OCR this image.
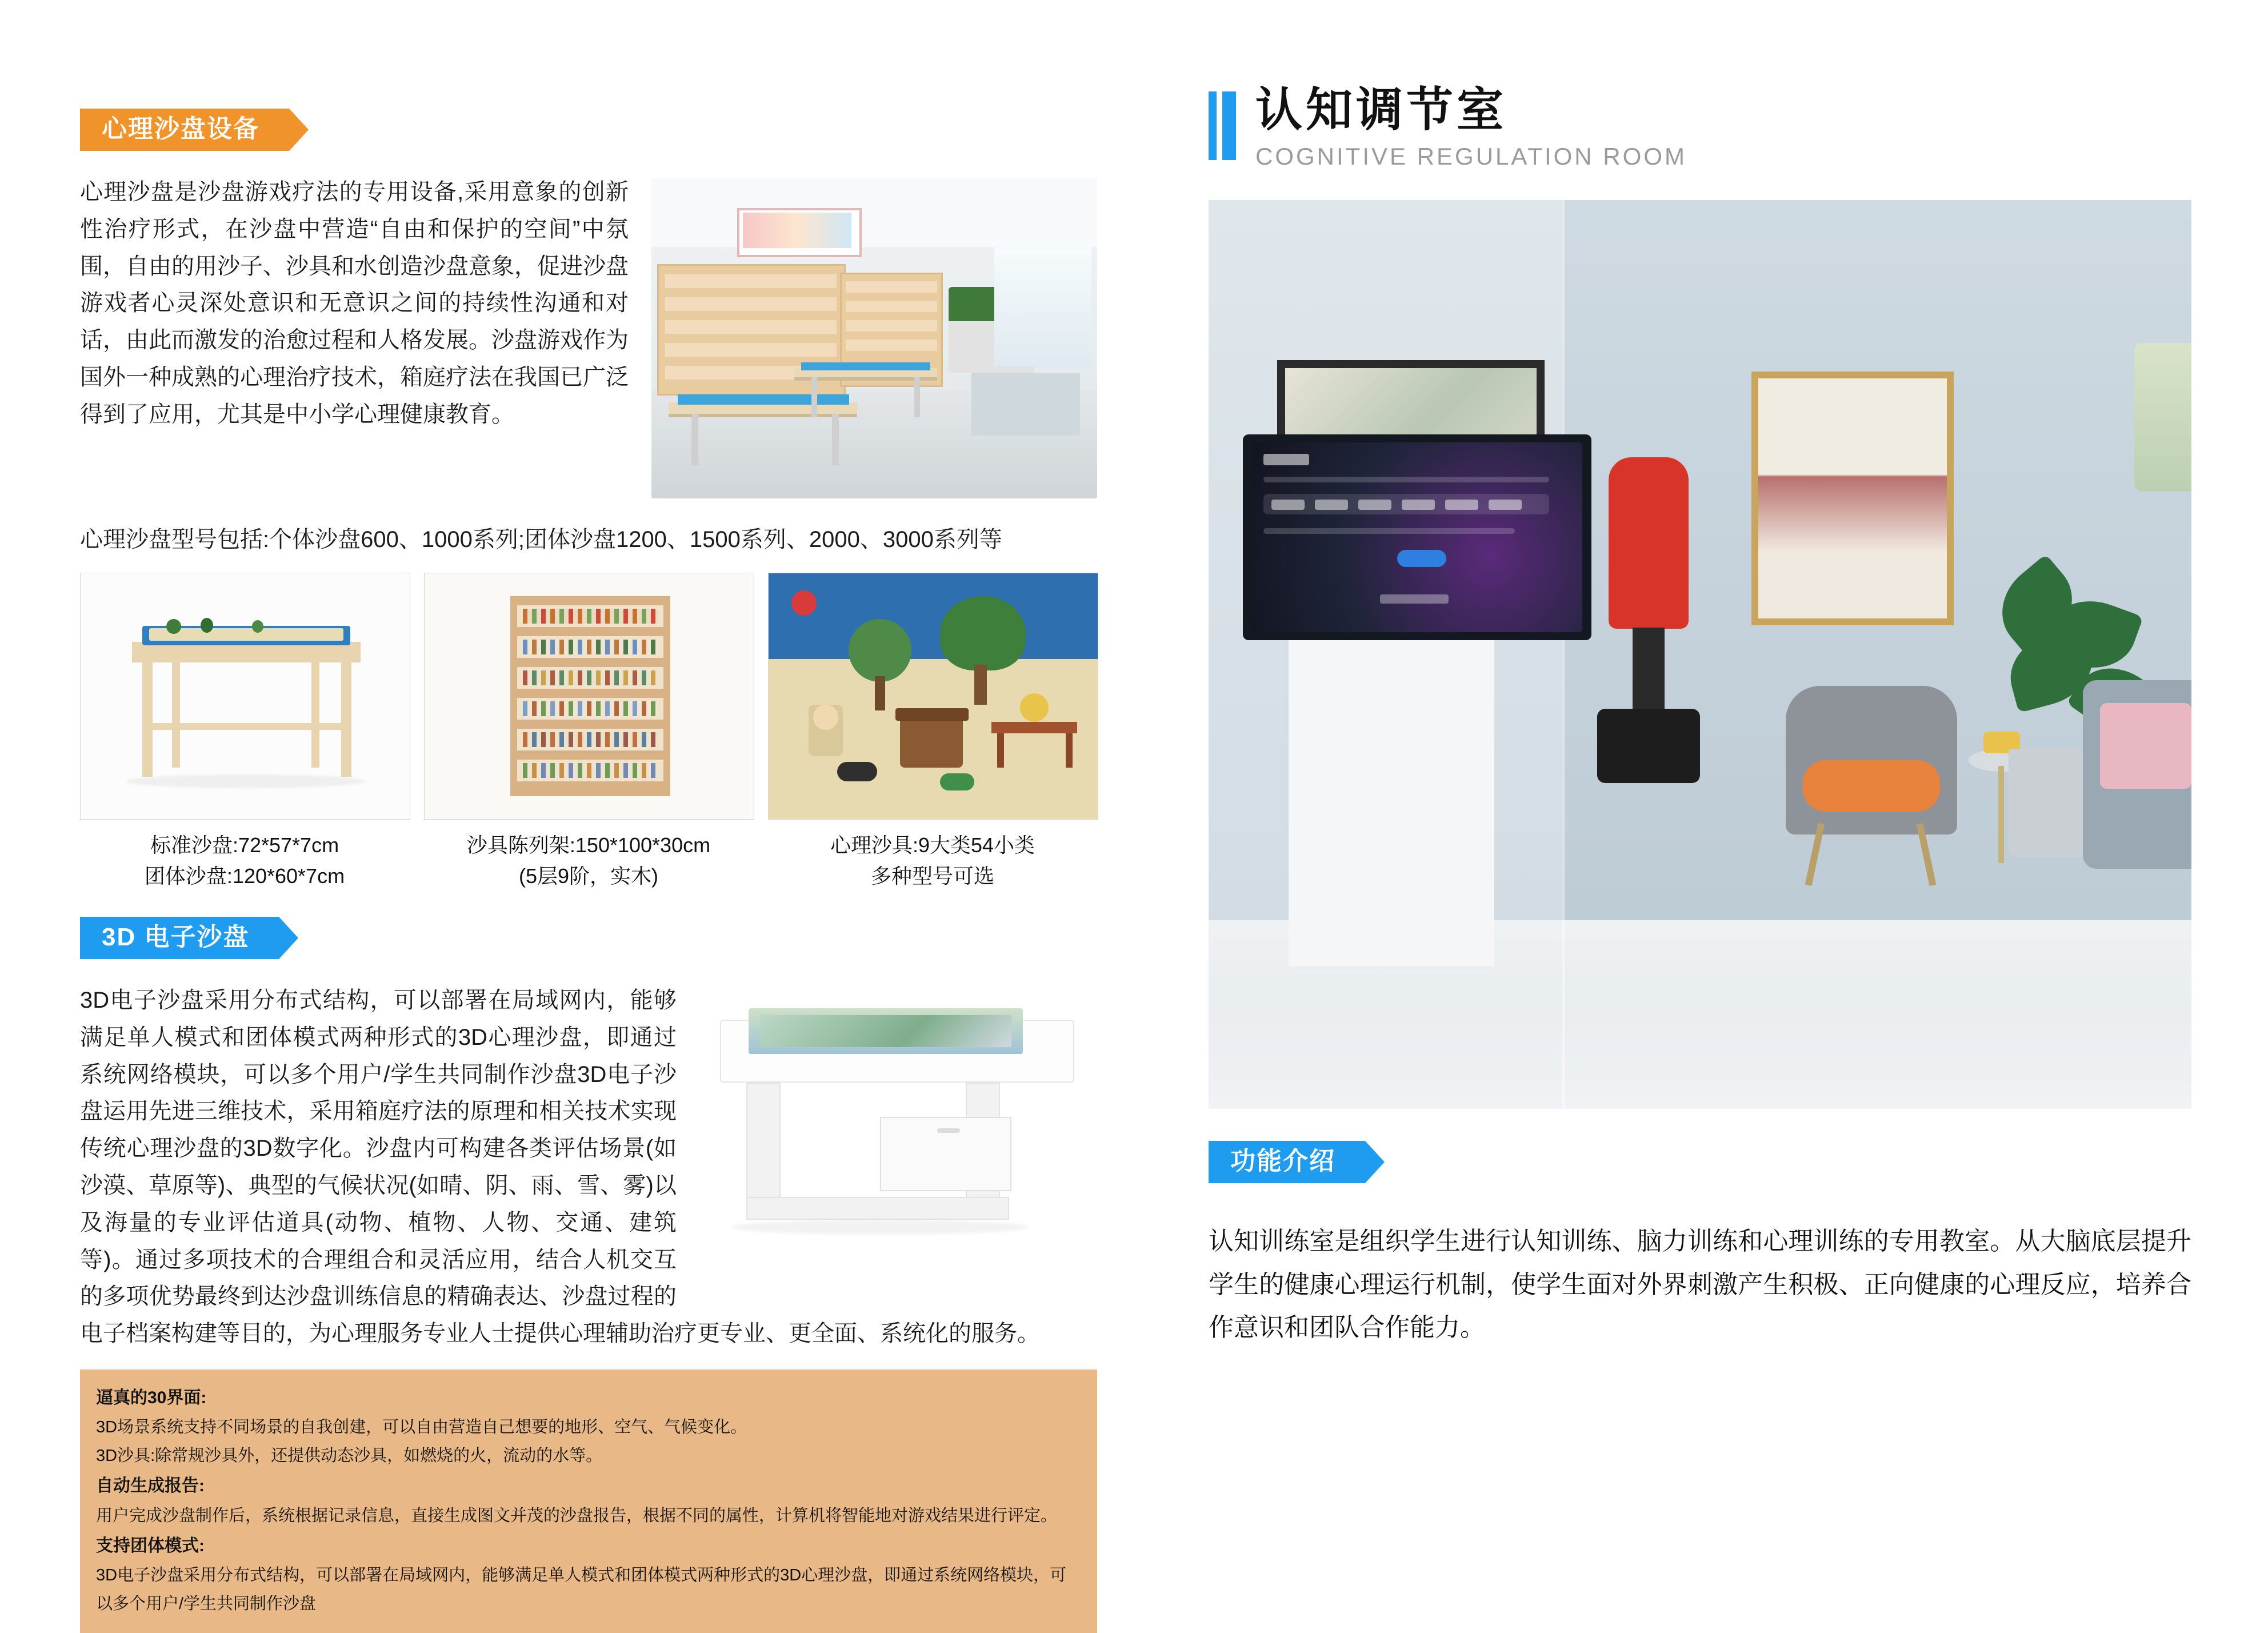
心理沙盘设备
心理沙盘是沙盘游戏疗法的专用设备,采用意象的创新性治疗形式，在沙盘中营造“自由和保护的空间”中氛围，自由的用沙子、沙具和水创造沙盘意象，促进沙盘游戏者心灵深处意识和无意识之间的持续性沟通和对话，由此而激发的治愈过程和人格发展。沙盘游戏作为国外一种成熟的心理治疗技术，箱庭疗法在我国已广泛得到了应用，尤其是中小学心理健康教育。
心理沙盘型号包括:个体沙盘600、1000系列;团体沙盘1200、1500系列、2000、3000系列等
标准沙盘:72*57*7cm
团体沙盘:120*60*7cm
沙具陈列架:150*100*30cm
(5层9阶，实木)
心理沙具:9大类54小类
多种型号可选
3D 电子沙盘
3D电子沙盘采用分布式结构，可以部署在局域网内，能够满足单人模式和团体模式两种形式的3D心理沙盘，即通过系统网络模块，可以多个用户/学生共同制作沙盘3D电子沙盘运用先进三维技术，采用箱庭疗法的原理和相关技术实现传统心理沙盘的3D数字化。沙盘内可构建各类评估场景(如沙漠、草原等)、典型的气候状况(如晴、阴、雨、雪、雾)以及海量的专业评估道具(动物、植物、人物、交通、建筑等)。通过多项技术的合理组合和灵活应用，结合人机交互的多项优势最终到达沙盘训练信息的精确表达、沙盘过程的电子档案构建等目的，为心理服务专业人士提供心理辅助治疗更专业、更全面、系统化的服务。
逼真的30界面:
3D场景系统支持不同场景的自我创建，可以自由营造自己想要的地形、空气、气候变化。
3D沙具:除常规沙具外，还提供动态沙具，如燃烧的火，流动的水等。
自动生成报告:
用户完成沙盘制作后，系统根据记录信息，直接生成图文并茂的沙盘报告，根据不同的属性，计算机将智能地对游戏结果进行评定。
支持团体模式:
3D电子沙盘采用分布式结构，可以部署在局域网内，能够满足单人模式和团体模式两种形式的3D心理沙盘，即通过系统网络模块，可以多个用户/学生共同制作沙盘
认知调节室
COGNITIVE REGULATION ROOM
功能介绍
认知训练室是组织学生进行认知训练、脑力训练和心理训练的专用教室。从大脑底层提升学生的健康心理运行机制，使学生面对外界刺激产生积极、正向健康的心理反应，培养合作意识和团队合作能力。
